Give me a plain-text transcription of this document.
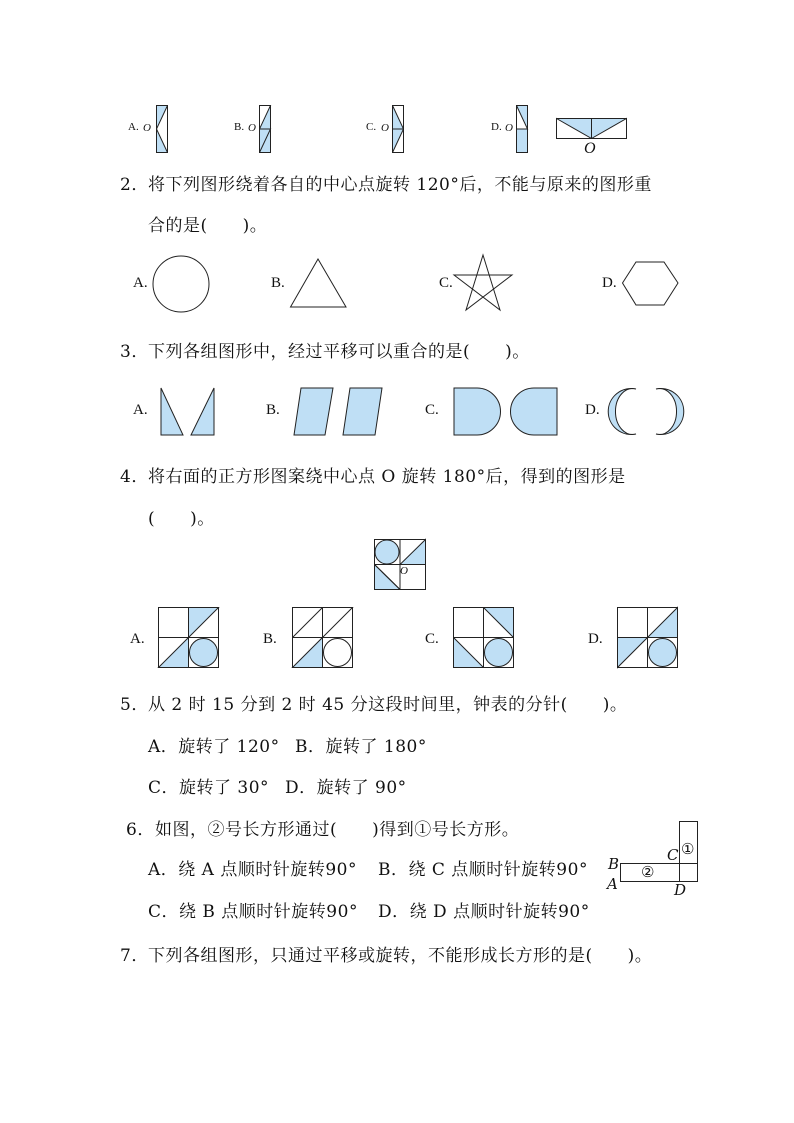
A. O	B. O	C. O	D. O
O
2． 将下列图形绕着各自的中心点旋转 120°后，不能与原来的图形重
合的是(　　)。
A.	B.	C.	D.
3． 下列各组图形中，经过平移可以重合的是(　　)。
A.	B.	C.	D.
4． 将右面的正方形图案绕中心点 O 旋转 180°后，得到的图形是
(　　)。
O
A.	B.	C.	D.
5． 从 2 时 15 分到 2 时 45 分这段时间里，钟表的分针(　　)。
A．旋转了 120° B．旋转了 180°
C．旋转了 30° D．旋转了 90°
6． 如图，②号长方形通过(　　)得到①号长方形。
A．绕 A 点顺时针旋转90° B．绕 C 点顺时针旋转90°
C．绕 B 点顺时针旋转90° D．绕 D 点顺时针旋转90°
①
②
C
B
A	D
7． 下列各组图形，只通过平移或旋转，不能形成长方形的是(　　)。
